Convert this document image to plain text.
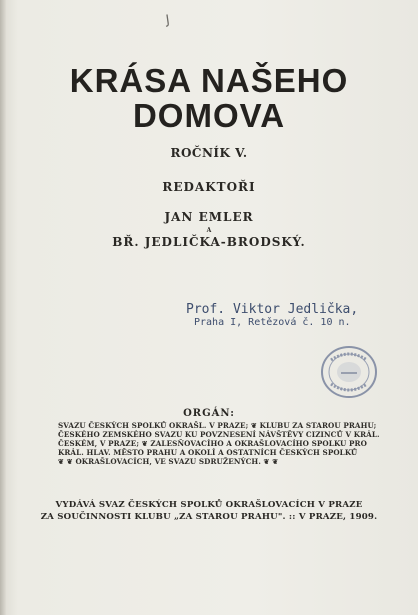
J
KRÁSA NAŠEHO
DOMOVA
ROČNÍK V.
REDAKTOŘI
JAN EMLER
A
BŘ. JEDLIČKA-BRODSKÝ.
Prof. Viktor Jedlička,
Praha I, Retězová č. 10 n.
ORGÁN:
SVAZU ČESKÝCH SPOLKŮ OKRAŠL. V PRAZE; ❦ KLUBU ZA STAROU PRAHU;
ČESKÉHO ZEMSKÉHO SVAZU KU POVZNESENÍ NÁVŠTĚVY CIZINCŮ V KRÁL.
ČESKÉM, V PRAZE; ❦ ZALESŇOVACÍHO A OKRAŠLOVACÍHO SPOLKU PRO
KRÁL. HLAV. MĚSTO PRAHU A OKOLÍ A OSTATNÍCH ČESKÝCH SPOLKŮ
❦ ❦ OKRAŠLOVACÍCH, VE SVAZU SDRUŽENÝCH. ❦ ❦
VYDÁVÁ SVAZ ČESKÝCH SPOLKŮ OKRAŠLOVACÍCH V PRAZE
ZA SOUČINNOSTI KLUBU „ZA STAROU PRAHU". :: V PRAZE, 1909.
